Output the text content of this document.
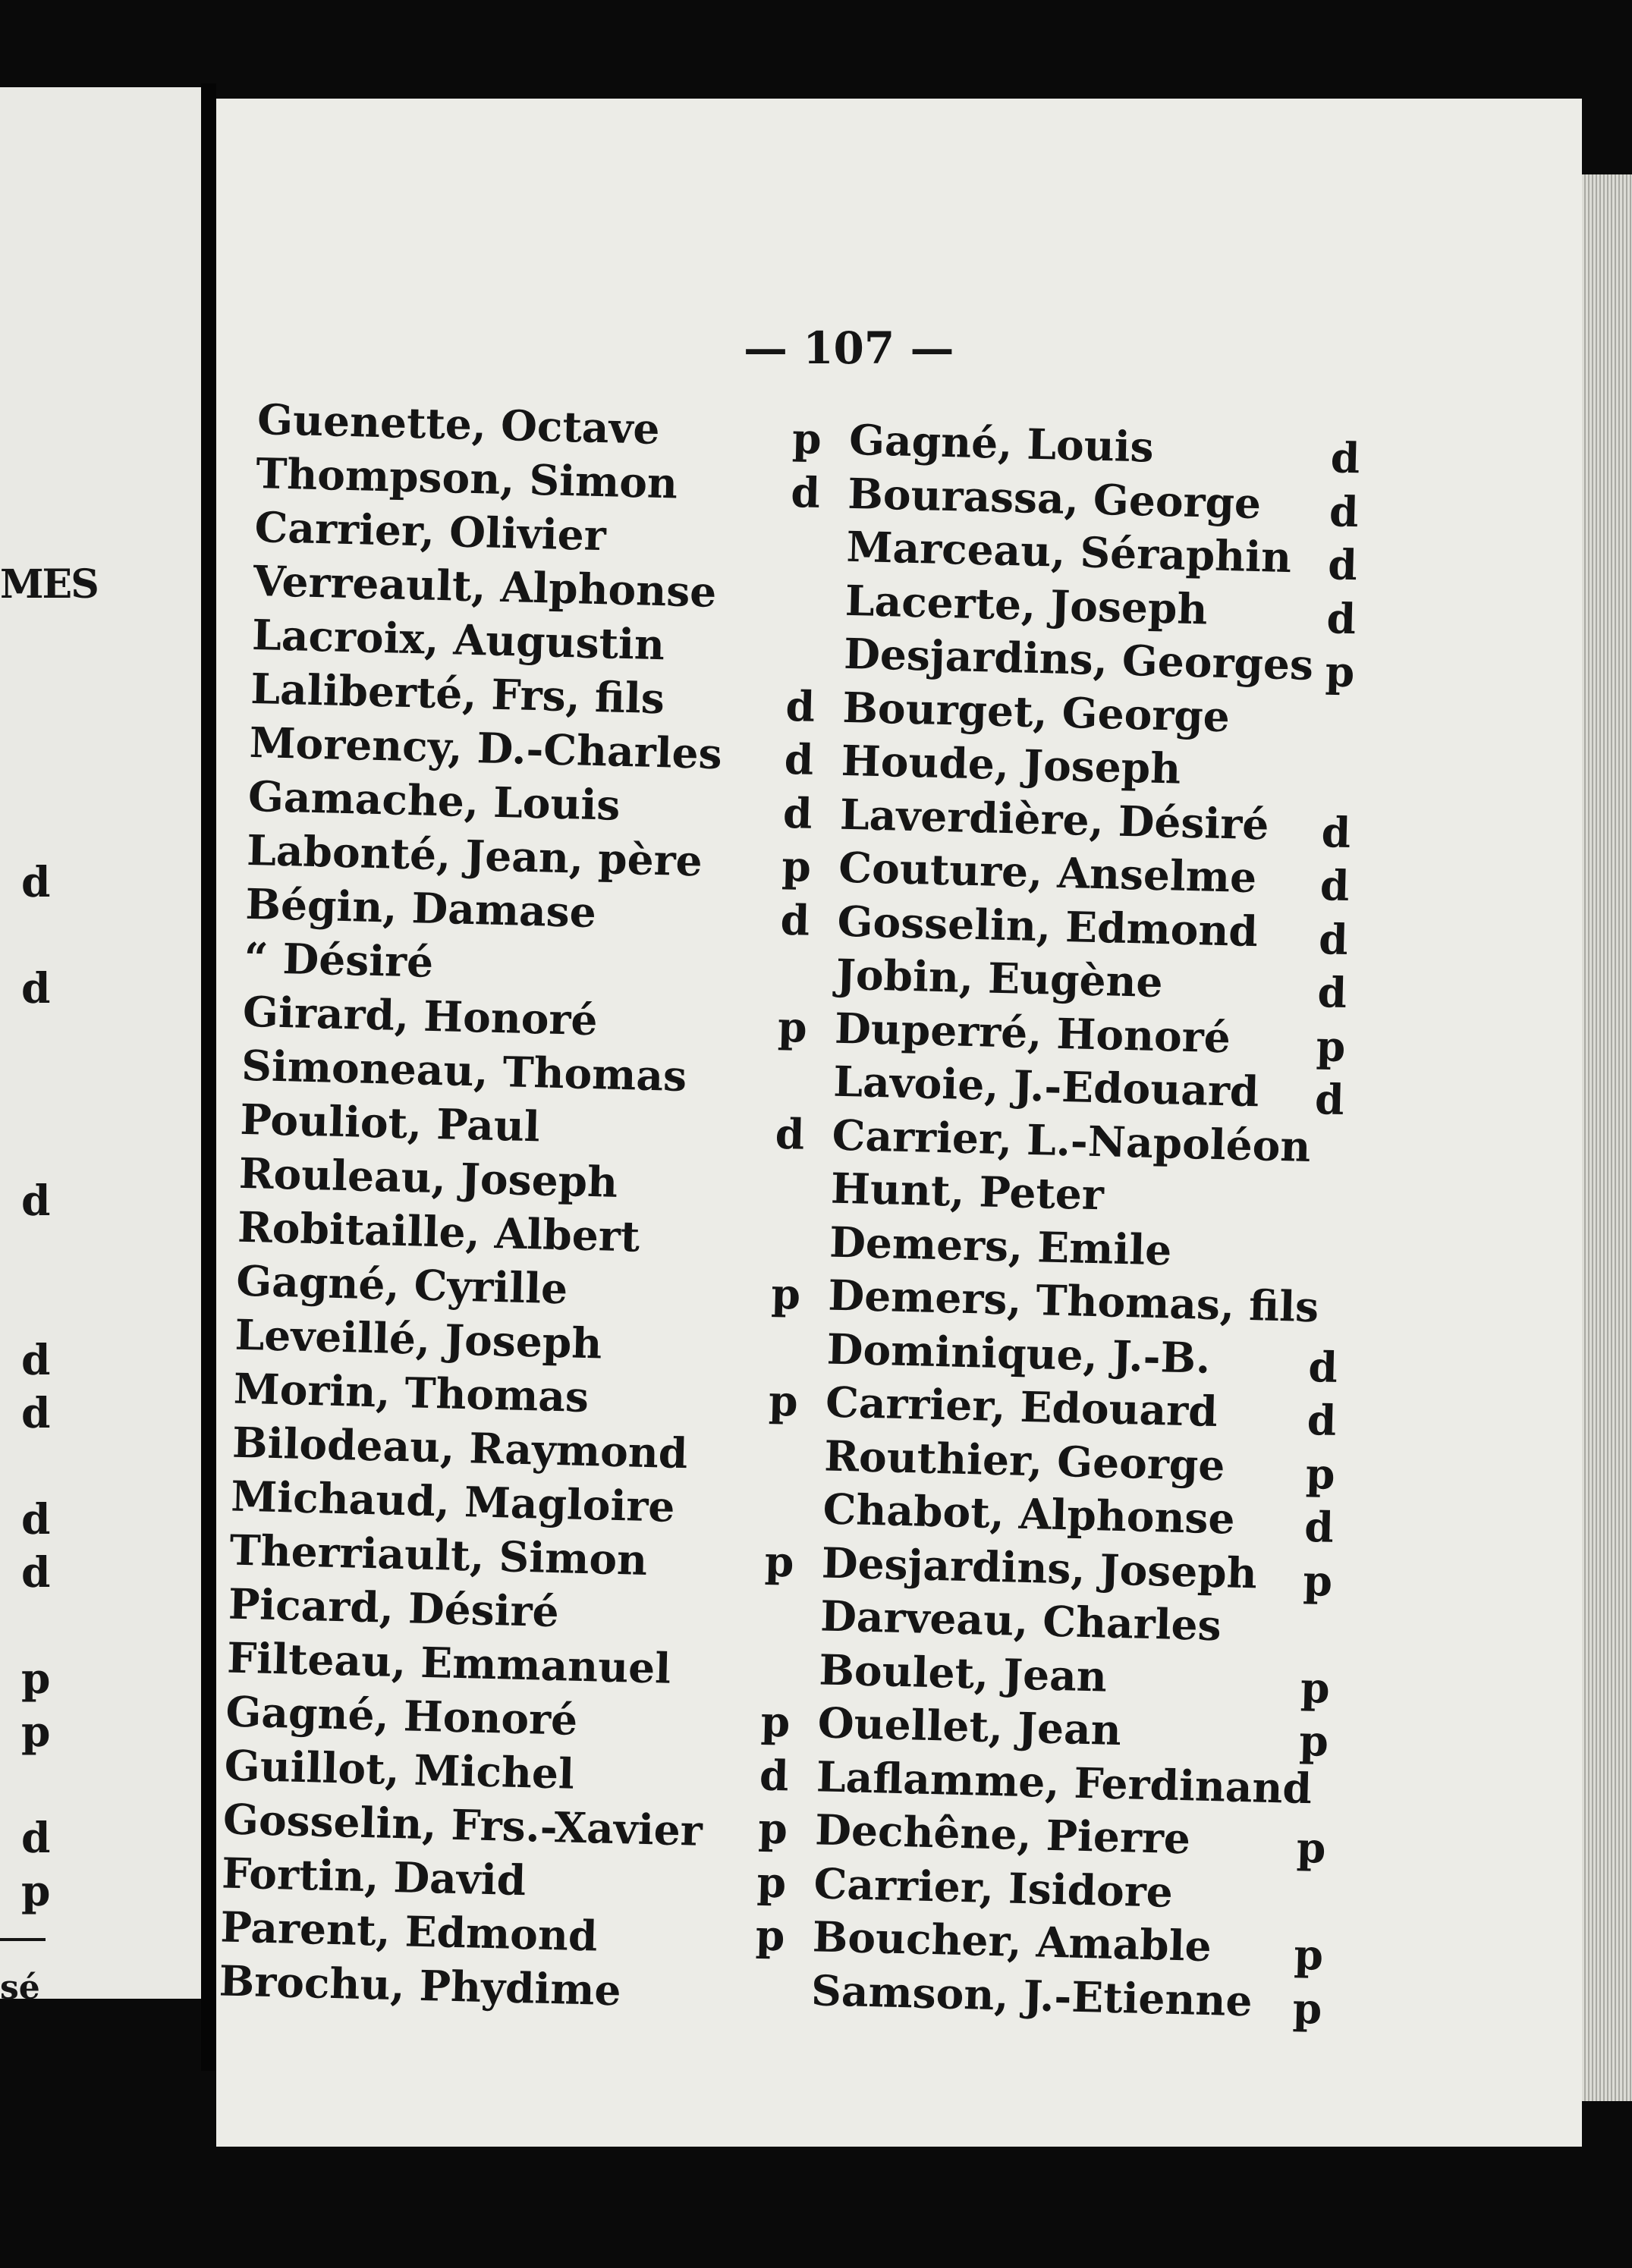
MES
d
d
d
d
d
d
d
p
p
d
p
sé
— 107 —
Guenette, Octave
Thompson, Simon
Carrier, Olivier
Verreault, Alphonse
Lacroix, Augustin
Laliberté, Frs, fils
Morency, D.-Charles
Gamache, Louis
Labonté, Jean, père
Bégin, Damase
“ Désiré
Girard, Honoré
Simoneau, Thomas
Pouliot, Paul
Rouleau, Joseph
Robitaille, Albert
Gagné, Cyrille
Leveillé, Joseph
Morin, Thomas
Bilodeau, Raymond
Michaud, Magloire
Therriault, Simon
Picard, Désiré
Filteau, Emmanuel
Gagné, Honoré
Guillot, Michel
Gosselin, Frs.-Xavier
Fortin, David
Parent, Edmond
Brochu, Phydime
p Gagné, Louis	d
d Bourassa, George d
Marceau, Séraphin d
Lacerte, Joseph	d
Desjardins, Georges p
d Bourget, George
d Houde, Joseph
d Laverdière, Désiré d
p Couture, Anselme d
d Gosselin, Edmond d
Jobin, Eugène	d
p Duperré, Honoré p
Lavoie, J.-Edouard d
d Carrier, L.-Napoléon
Hunt, Peter
Demers, Emile
p Demers, Thomas, fils
Dominique, J.-B. d
p Carrier, Edouard d
Routhier, George p
Chabot, Alphonse d
p Desjardins, Joseph p
Darveau, Charles
Boulet, Jean	p
p Ouellet, Jean	p
d Laflamme, Ferdinand
p Dechêne, Pierre	p
p Carrier, Isidore
p Boucher, Amable p
Samson, J.-Etienne p
